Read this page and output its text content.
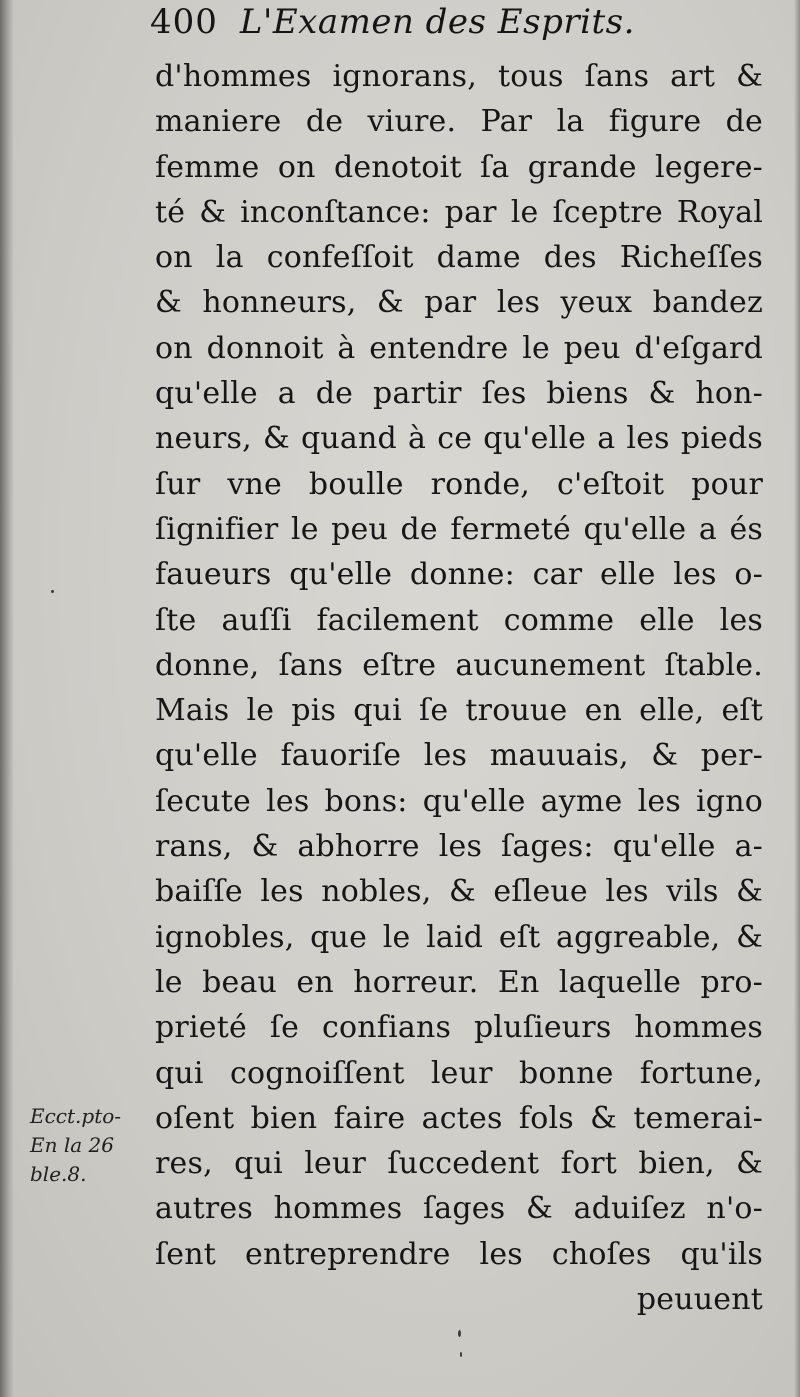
400 L'Examen des Esprits.
d'hommes ignorans, tous ſans art &
maniere de viure. Par la figure de
femme on denotoit ſa grande legere-
té & inconſtance: par le ſceptre Royal
on la confeſſoit dame des Richeſſes
& honneurs, & par les yeux bandez
on donnoit à entendre le peu d'eſgard
qu'elle a de partir ſes biens & hon-
neurs, & quand à ce qu'elle a les pieds
ſur vne boulle ronde, c'eſtoit pour
ſignifier le peu de fermeté qu'elle a és
faueurs qu'elle donne: car elle les o-
ſte auſſi facilement comme elle les
donne, ſans eſtre aucunement ſtable.
Mais le pis qui ſe trouue en elle, eſt
qu'elle fauoriſe les mauuais, & per-
ſecute les bons: qu'elle ayme les igno
rans, & abhorre les ſages: qu'elle a-
baiſſe les nobles, & eſleue les vils &
ignobles, que le laid eſt aggreable, &
le beau en horreur. En laquelle pro-
prieté ſe confians pluſieurs hommes
qui cognoiſſent leur bonne fortune,
oſent bien faire actes fols & temerai-
res, qui leur ſuccedent fort bien, &
autres hommes ſages & aduiſez n'o-
ſent entreprendre les choſes qu'ils
peuuent
Ecct.pto-
En la 26
ble.8.
